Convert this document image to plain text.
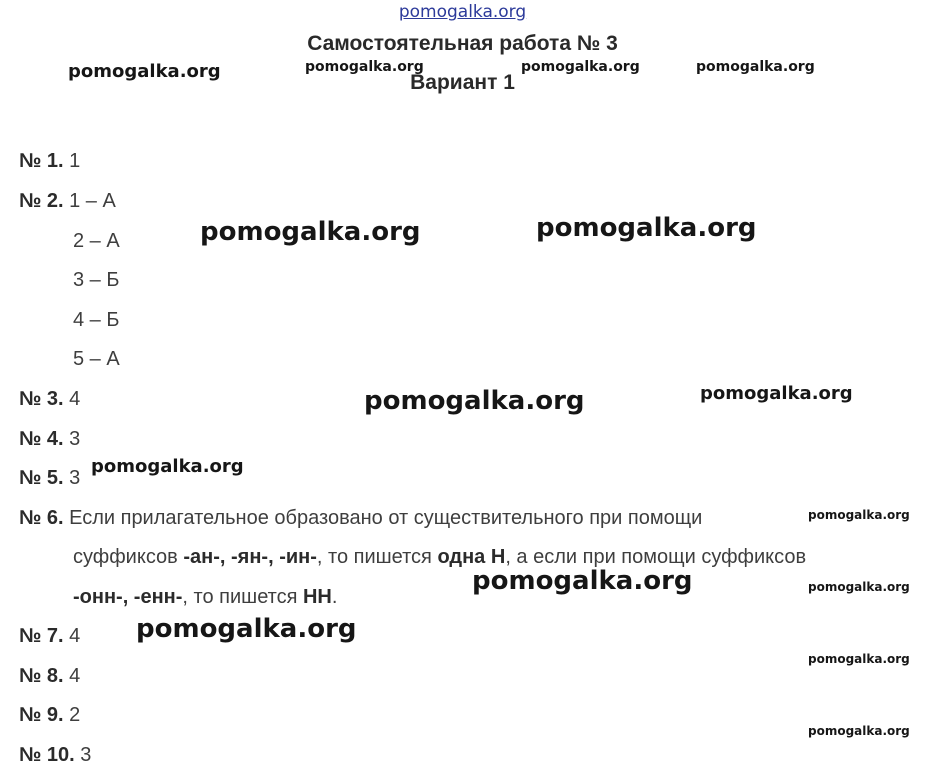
pomogalka.org
Самостоятельная работа № 3
Вариант 1
pomogalka.org	pomogalka.org	pomogalka.org	pomogalka.org
pomogalka.org	pomogalka.org
pomogalka.org	pomogalka.org
pomogalka.org
pomogalka.org
pomogalka.org	pomogalka.org
pomogalka.org
pomogalka.org
pomogalka.org
№ 1. 1
№ 2. 1 – А
2 – А
3 – Б
4 – Б
5 – А
№ 3. 4
№ 4. 3
№ 5. 3
№ 6. Если прилагательное образовано от существительного при помощи
суффиксов -ан-, -ян-, -ин-, то пишется одна Н, а если при помощи суффиксов
-онн-, -енн-, то пишется НН.
№ 7. 4
№ 8. 4
№ 9. 2
№ 10. 3
